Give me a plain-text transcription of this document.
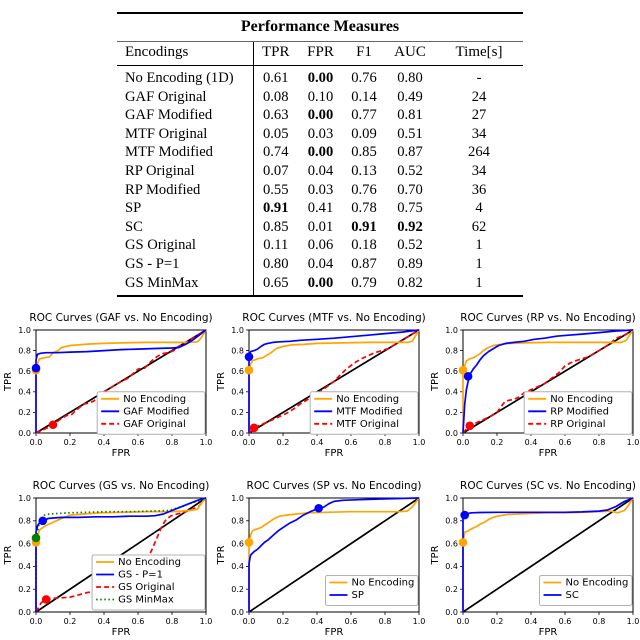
Performance Measures
Encodings	TPR	FPR	F1	AUC	Time[s]
No Encoding (1D)	0.61	0.00	0.76	0.80	-
GAF Original	0.08	0.10	0.14	0.49	24
GAF Modified	0.63	0.00	0.77	0.81	27
MTF Original	0.05	0.03	0.09	0.51	34
MTF Modified	0.74	0.00	0.85	0.87	264
RP Original	0.07	0.04	0.13	0.52	34
RP Modified	0.55	0.03	0.76	0.70	36
SP	0.91	0.41	0.78	0.75	4
SC	0.85	0.01	0.91	0.92	62
GS Original	0.11	0.06	0.18	0.52	1
GS - P=1	0.80	0.04	0.87	0.89	1
GS MinMax	0.65	0.00	0.79	0.82	1
ROC Curves (GAF vs. No Encoding)
0.0	0.2	0.4	0.6	0.8	1.0
0.0
0.2
0.4
0.6
0.8
1.0
FPR
TPR
No Encoding
GAF Modified
GAF Original
ROC Curves (MTF vs. No Encoding)
0.0	0.2	0.4	0.6	0.8	1.0
0.0
0.2
0.4
0.6
0.8
1.0
FPR
TPR
No Encoding
MTF Modified
MTF Original
ROC Curves (RP vs. No Encoding)
0.0	0.2	0.4	0.6	0.8	1.0
0.0
0.2
0.4
0.6
0.8
1.0
FPR
TPR
No Encoding
RP Modified
RP Original
ROC Curves (GS vs. No Encoding)
0.0	0.2	0.4	0.6	0.8	1.0
0.0
0.2
0.4
0.6
0.8
1.0
FPR
TPR	No Encoding
GS - P=1
GS Original
GS MinMax
ROC Curves (SP vs. No Encoding)
0.0	0.2	0.4	0.6	0.8	1.0
0.0
0.2
0.4
0.6
0.8
1.0
FPR
TPR
No Encoding
SP
ROC Curves (SC vs. No Encoding)
0.0	0.2	0.4	0.6	0.8	1.0
0.0
0.2
0.4
0.6
0.8
1.0
FPR
TPR
No Encoding
SC
